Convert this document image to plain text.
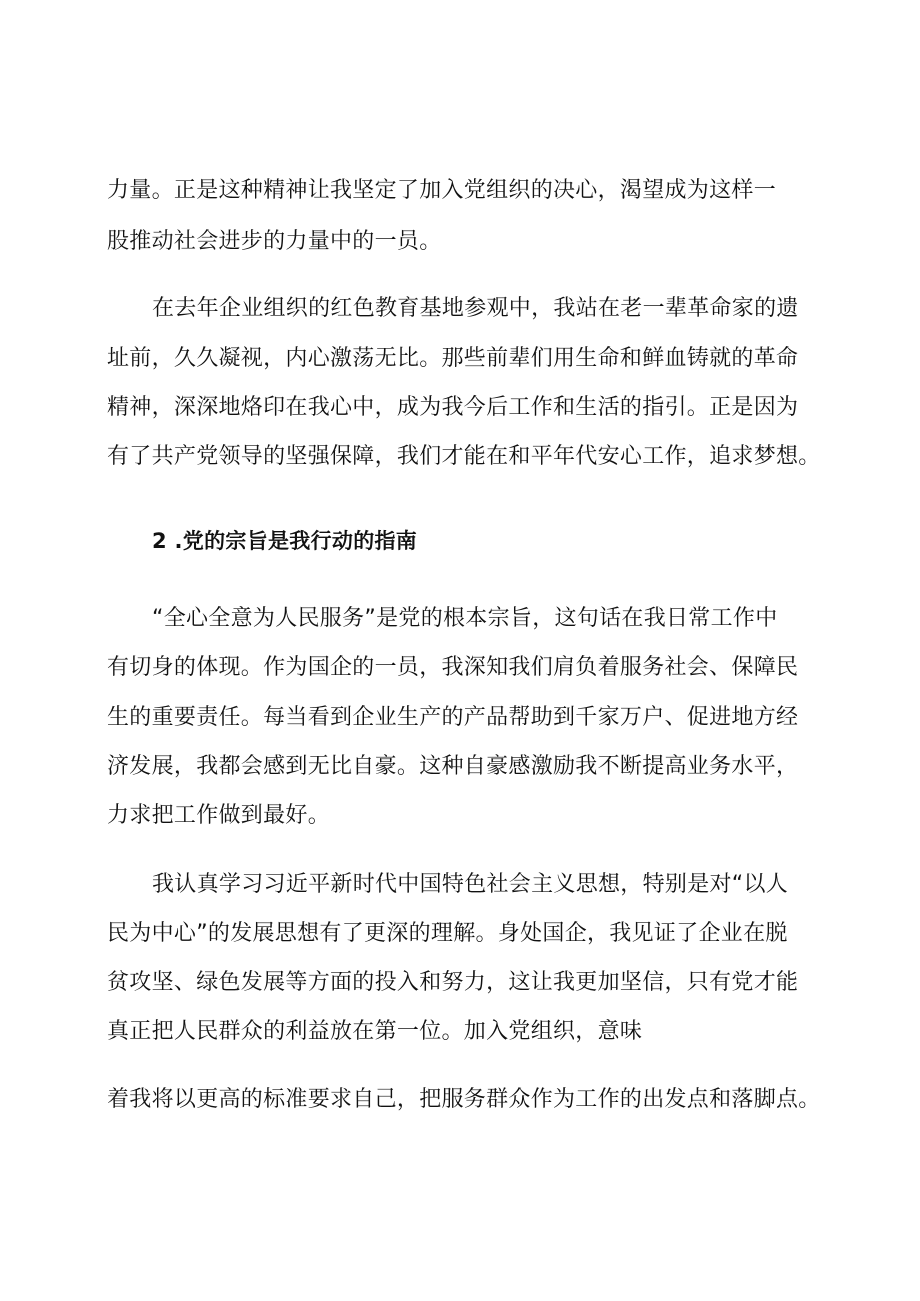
力量。正是这种精神让我坚定了加入党组织的决心，渴望成为这样一
股推动社会进步的力量中的一员。
在去年企业组织的红色教育基地参观中，我站在老一辈革命家的遗
址前，久久凝视，内心激荡无比。那些前辈们用生命和鲜血铸就的革命
精神，深深地烙印在我心中，成为我今后工作和生活的指引。正是因为
有了共产党领导的坚强保障，我们才能在和平年代安心工作，追求梦想。
2 .党的宗旨是我行动的指南
“全心全意为人民服务”是党的根本宗旨，这句话在我日常工作中
有切身的体现。作为国企的一员，我深知我们肩负着服务社会、保障民
生的重要责任。每当看到企业生产的产品帮助到千家万户、促进地方经
济发展，我都会感到无比自豪。这种自豪感激励我不断提高业务水平，
力求把工作做到最好。
我认真学习习近平新时代中国特色社会主义思想，特别是对“以人
民为中心”的发展思想有了更深的理解。身处国企，我见证了企业在脱
贫攻坚、绿色发展等方面的投入和努力，这让我更加坚信，只有党才能
真正把人民群众的利益放在第一位。加入党组织，意味
着我将以更高的标准要求自己，把服务群众作为工作的出发点和落脚点。
